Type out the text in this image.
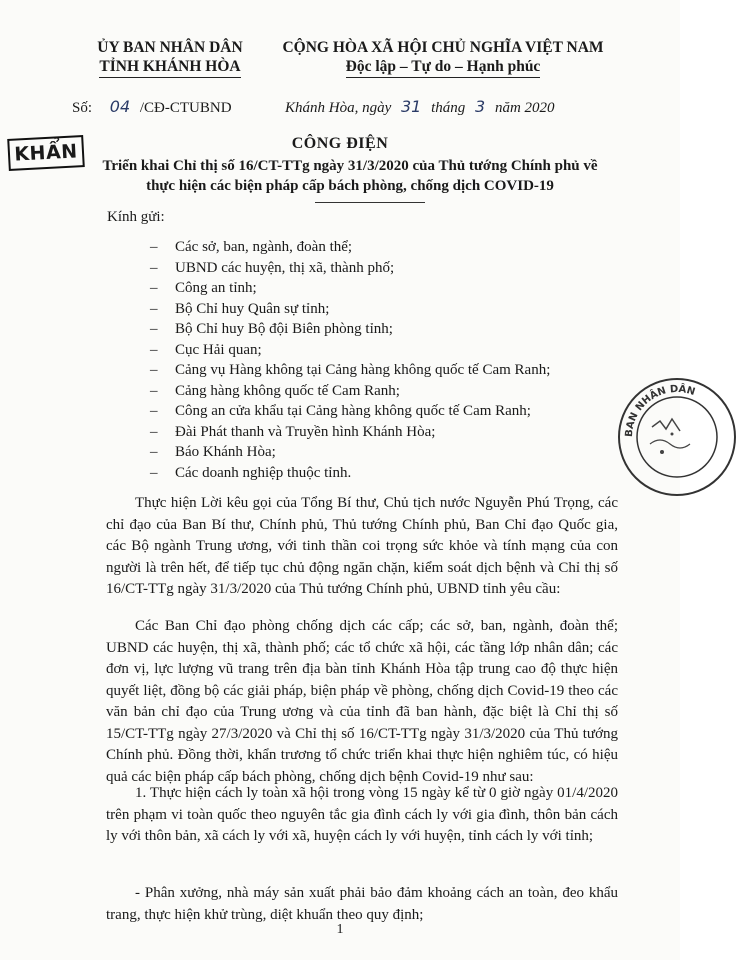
ỦY BAN NHÂN DÂN
TỈNH KHÁNH HÒA
CỘNG HÒA XÃ HỘI CHỦ NGHĨA VIỆT NAM
Độc lập – Tự do – Hạnh phúc
Số: 04 /CĐ-CTUBND	Khánh Hòa, ngày 31 tháng 3 năm 2020
KHẨN	CÔNG ĐIỆN
Triển khai Chỉ thị số 16/CT-TTg ngày 31/3/2020 của Thủ tướng Chính phủ về
thực hiện các biện pháp cấp bách phòng, chống dịch COVID-19
Kính gửi:
– Các sở, ban, ngành, đoàn thể;
– UBND các huyện, thị xã, thành phố;
– Công an tỉnh;
– Bộ Chỉ huy Quân sự tỉnh;
– Bộ Chỉ huy Bộ đội Biên phòng tỉnh;
– Cục Hải quan;
– Cảng vụ Hàng không tại Cảng hàng không quốc tế Cam Ranh;
– Cảng hàng không quốc tế Cam Ranh;
– Công an cửa khẩu tại Cảng hàng không quốc tế Cam Ranh;
– Đài Phát thanh và Truyền hình Khánh Hòa;
– Báo Khánh Hòa;
– Các doanh nghiệp thuộc tỉnh.
BAN NHÂN DÂN
Thực hiện Lời kêu gọi của Tổng Bí thư, Chủ tịch nước Nguyễn Phú Trọng, các chỉ đạo của Ban Bí thư, Chính phủ, Thủ tướng Chính phủ, Ban Chỉ đạo Quốc gia, các Bộ ngành Trung ương, với tinh thần coi trọng sức khỏe và tính mạng của con người là trên hết, để tiếp tục chủ động ngăn chặn, kiểm soát dịch bệnh và Chỉ thị số 16/CT-TTg ngày 31/3/2020 của Thủ tướng Chính phủ, UBND tỉnh yêu cầu:
Các Ban Chỉ đạo phòng chống dịch các cấp; các sở, ban, ngành, đoàn thể; UBND các huyện, thị xã, thành phố; các tổ chức xã hội, các tầng lớp nhân dân; các đơn vị, lực lượng vũ trang trên địa bàn tỉnh Khánh Hòa tập trung cao độ thực hiện quyết liệt, đồng bộ các giải pháp, biện pháp về phòng, chống dịch Covid-19 theo các văn bản chỉ đạo của Trung ương và của tỉnh đã ban hành, đặc biệt là Chỉ thị số 15/CT-TTg ngày 27/3/2020 và Chỉ thị số 16/CT-TTg ngày 31/3/2020 của Thủ tướng Chính phủ. Đồng thời, khẩn trương tổ chức triển khai thực hiện nghiêm túc, có hiệu quả các biện pháp cấp bách phòng, chống dịch bệnh Covid-19 như sau:
1. Thực hiện cách ly toàn xã hội trong vòng 15 ngày kể từ 0 giờ ngày 01/4/2020 trên phạm vi toàn quốc theo nguyên tắc gia đình cách ly với gia đình, thôn bản cách ly với thôn bản, xã cách ly với xã, huyện cách ly với huyện, tỉnh cách ly với tỉnh;
- Phân xưởng, nhà máy sản xuất phải bảo đảm khoảng cách an toàn, đeo khẩu trang, thực hiện khử trùng, diệt khuẩn theo quy định;
1
